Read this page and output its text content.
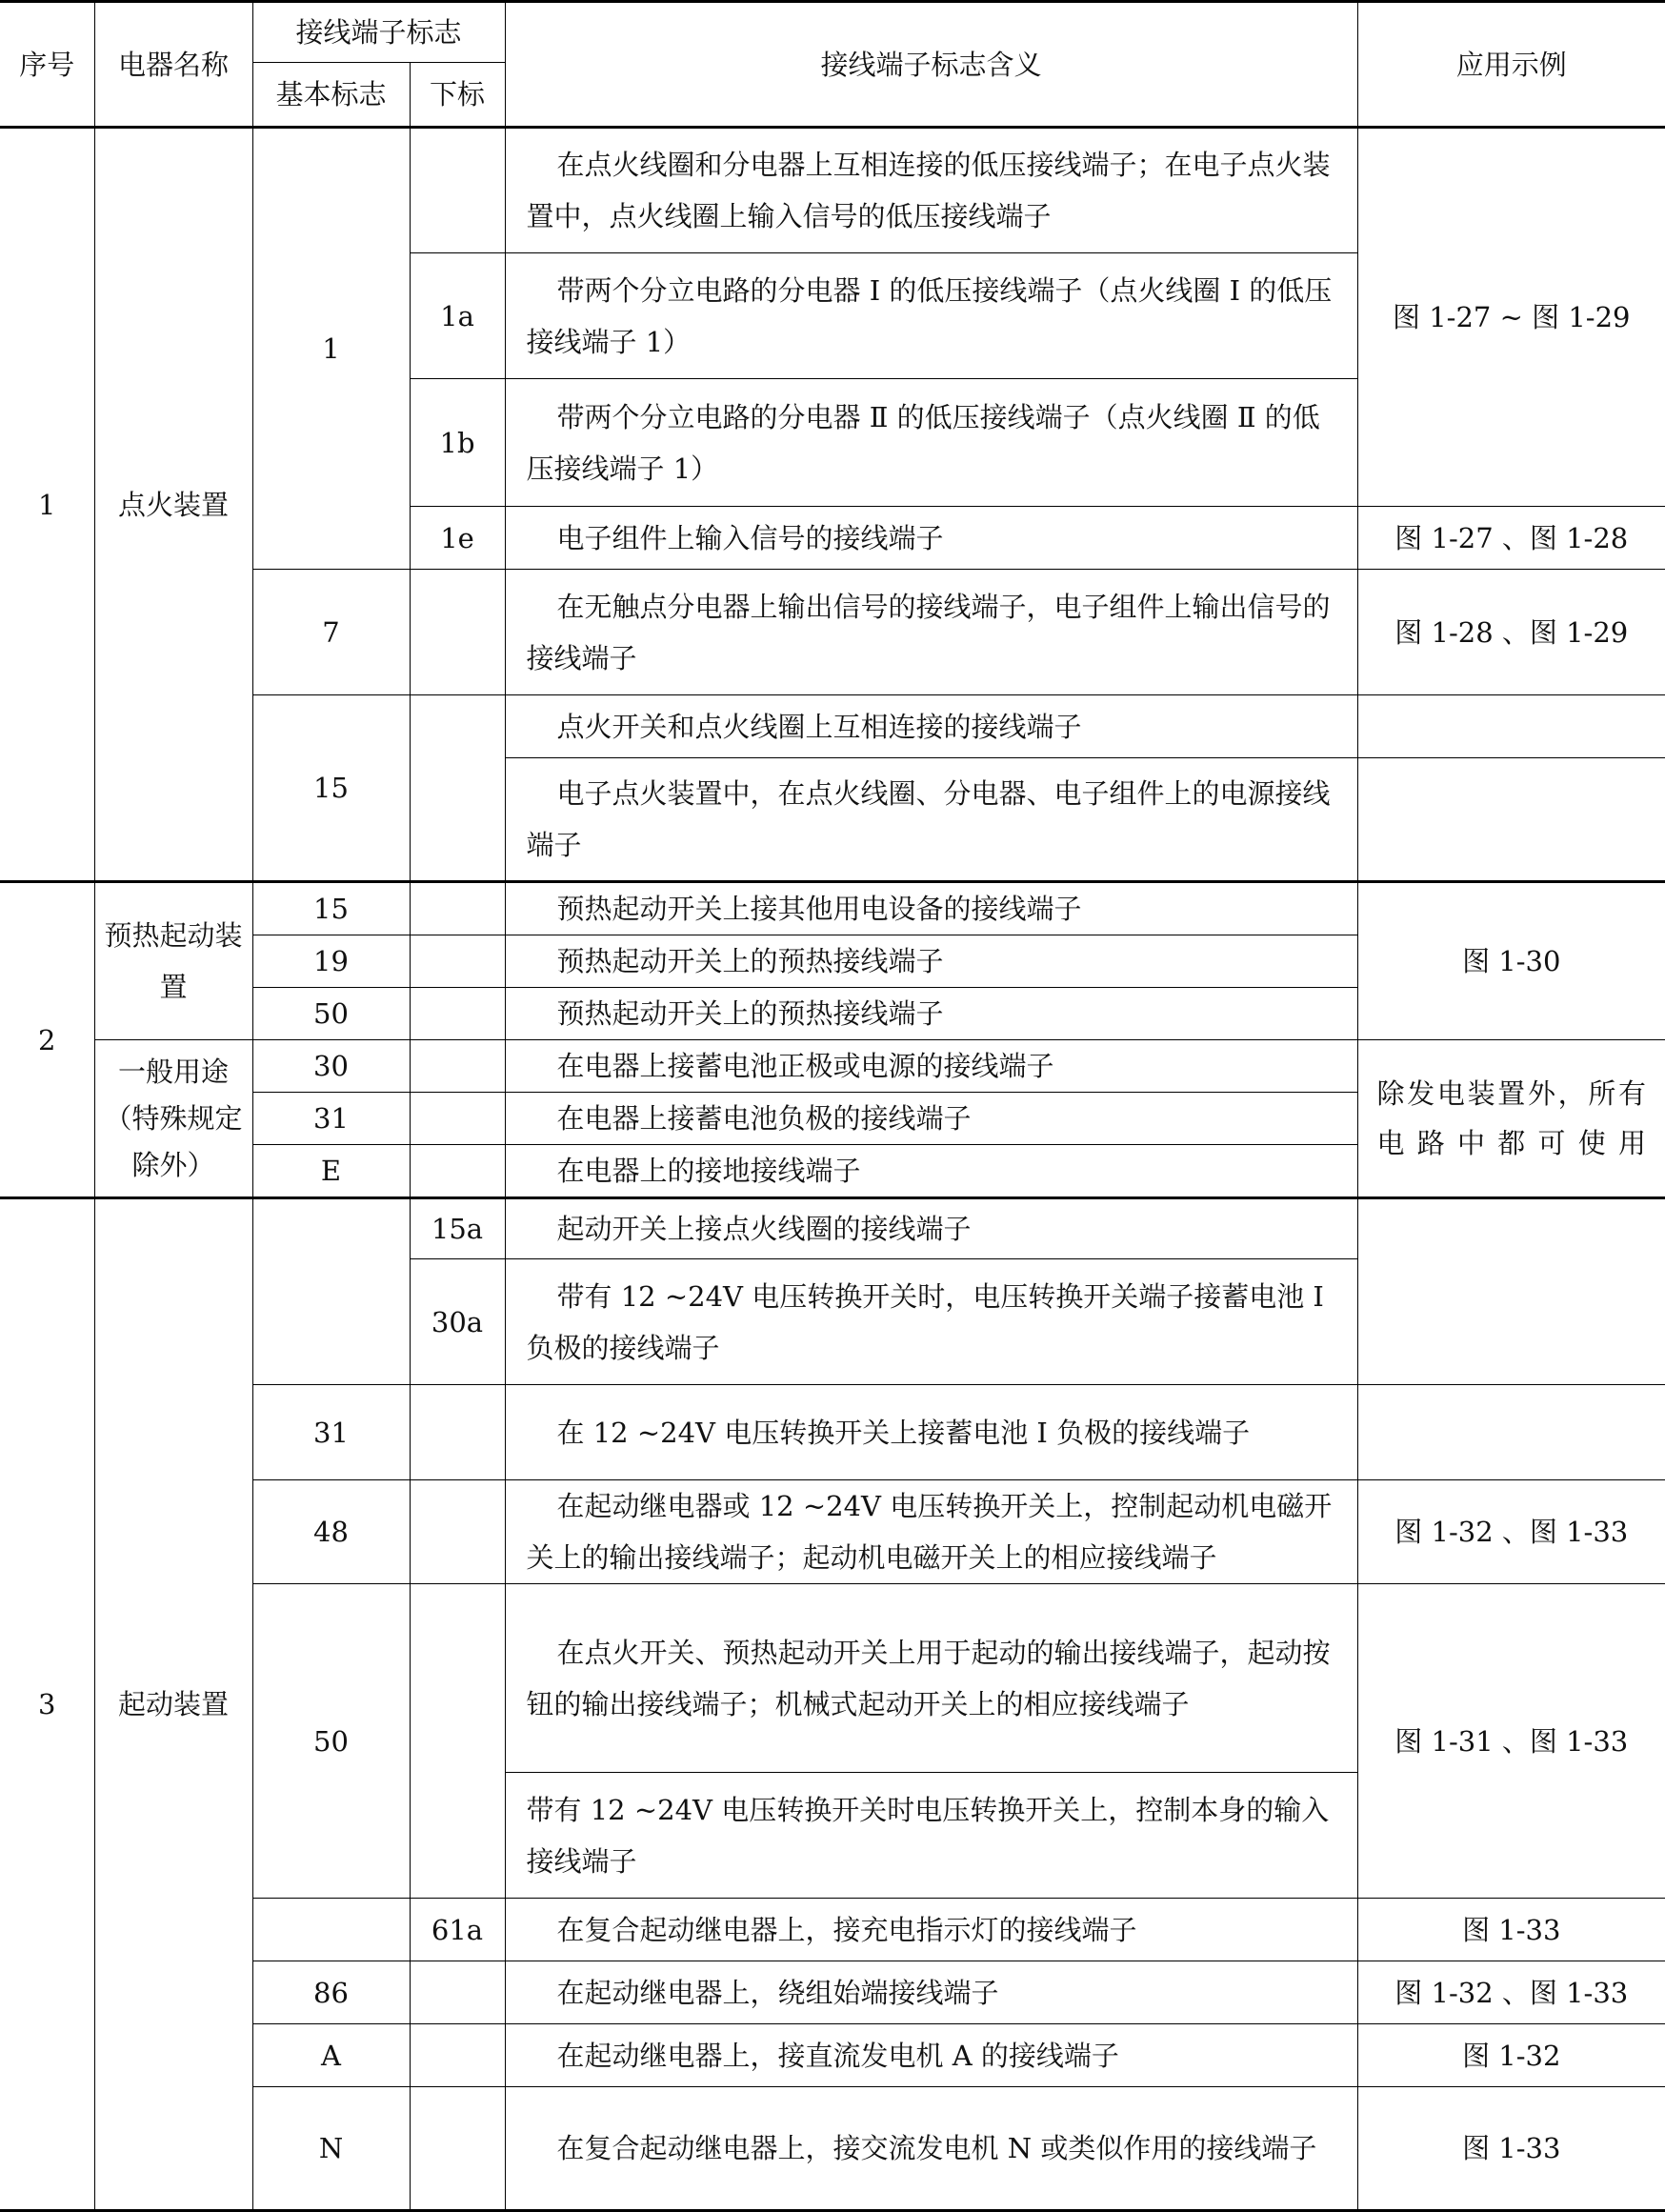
序号	电器名称	接线端子标志		接线端子标志含义	应用示例
		基本标志	下标		
1	点火装置	1		在点火线圈和分电器上互相连接的低压接线端子；在电子点火装置中，点火线圈上输入信号的低压接线端子	图 1-27 ~ 图 1-29
			1a	带两个分立电路的分电器 Ⅰ 的低压接线端子（点火线圈 Ⅰ 的低压接线端子 1）	
			1b	带两个分立电路的分电器 Ⅱ 的低压接线端子（点火线圈 Ⅱ 的低压接线端子 1）	
			1e	电子组件上输入信号的接线端子	图 1-27 、图 1-28
		7		在无触点分电器上输出信号的接线端子，电子组件上输出信号的接线端子	图 1-28 、图 1-29
		15		点火开关和点火线圈上互相连接的接线端子	
				电子点火装置中，在点火线圈、分电器、电子组件上的电源接线端子	
2	预热起动装置	15		预热起动开关上接其他用电设备的接线端子	图 1-30
		19		预热起动开关上的预热接线端子	
		50		预热起动开关上的预热接线端子	
	一般用途（特殊规定除外）	30		在电器上接蓄电池正极或电源的接线端子	除发电装置外，所有电路中都可使用
		31		在电器上接蓄电池负极的接线端子	
		E		在电器上的接地接线端子	
3	起动装置		15a	起动开关上接点火线圈的接线端子	
			30a	带有 12 ~24V 电压转换开关时，电压转换开关端子接蓄电池 Ⅰ 负极的接线端子	
		31		在 12 ~24V 电压转换开关上接蓄电池 Ⅰ 负极的接线端子	
		48		在起动继电器或 12 ~24V 电压转换开关上，控制起动机电磁开关上的输出接线端子；起动机电磁开关上的相应接线端子	图 1-32 、图 1-33
		50		在点火开关、预热起动开关上用于起动的输出接线端子，起动按钮的输出接线端子；机械式起动开关上的相应接线端子	图 1-31 、图 1-33
				带有 12 ~24V 电压转换开关时电压转换开关上，控制本身的输入接线端子	
			61a	在复合起动继电器上，接充电指示灯的接线端子	图 1-33
		86		在起动继电器上，绕组始端接线端子	图 1-32 、图 1-33
		A		在起动继电器上，接直流发电机 A 的接线端子	图 1-32
		N		在复合起动继电器上，接交流发电机 N 或类似作用的接线端子	图 1-33
